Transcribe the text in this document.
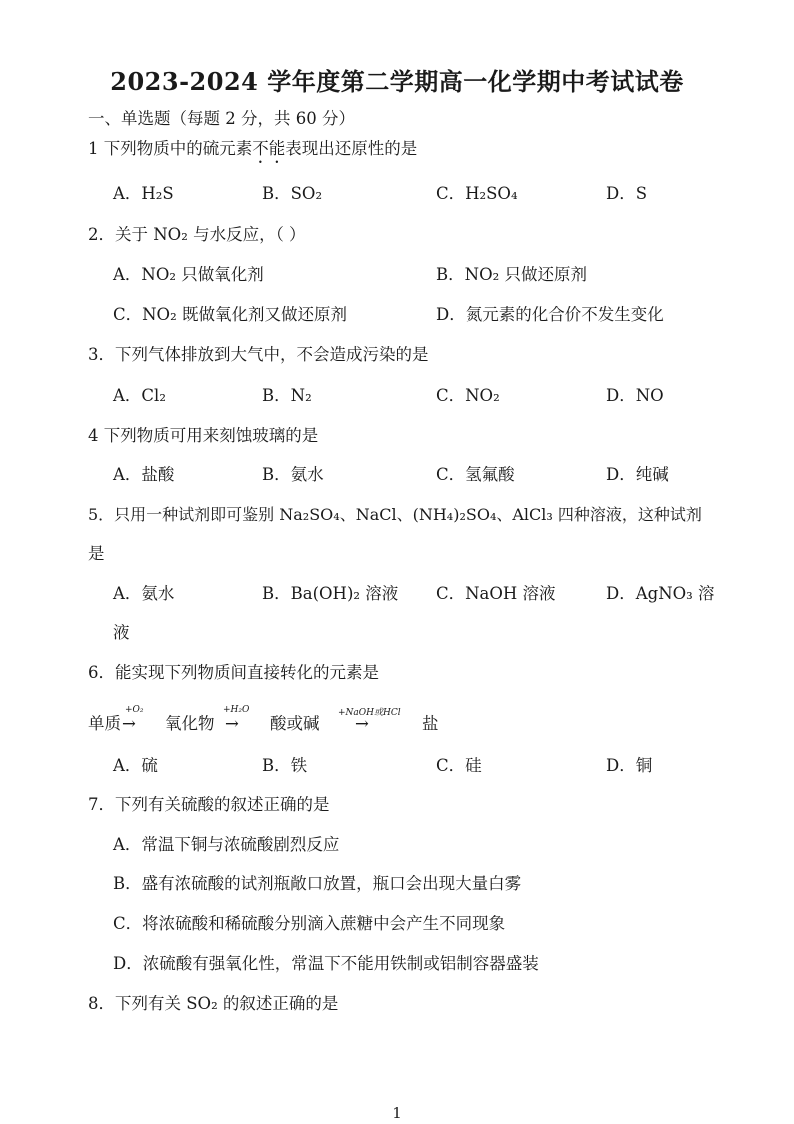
2023-2024 学年度第二学期高一化学期中考试试卷
一、单选题（每题 2 分，共 60 分）
1 下列物质中的硫元素不能表现出还原性的是
A．H₂S	B．SO₂	C．H₂SO₄	D．S
2．关于 NO₂ 与水反应，（ ）
A．NO₂ 只做氧化剂	B．NO₂ 只做还原剂
C．NO₂ 既做氧化剂又做还原剂	D．氮元素的化合价不发生变化
3．下列气体排放到大气中，不会造成污染的是
A．Cl₂	B．N₂	C．NO₂	D．NO
4 下列物质可用来刻蚀玻璃的是
A．盐酸	B．氨水	C．氢氟酸	D．纯碱
5．只用一种试剂即可鉴别 Na₂SO₄、NaCl、(NH₄)₂SO₄、AlCl₃ 四种溶液，这种试剂
是
A．氨水	B．Ba(OH)₂ 溶液 C．NaOH 溶液	D．AgNO₃ 溶
液
6．能实现下列物质间直接转化的元素是
单质
+O₂
→ 氧化物
+H₂O
→ 酸或碱
+NaOH或HCl
→	盐
A．硫	B．铁	C．硅	D．铜
7．下列有关硫酸的叙述正确的是
A．常温下铜与浓硫酸剧烈反应
B．盛有浓硫酸的试剂瓶敞口放置，瓶口会出现大量白雾
C．将浓硫酸和稀硫酸分别滴入蔗糖中会产生不同现象
D．浓硫酸有强氧化性，常温下不能用铁制或铝制容器盛装
8．下列有关 SO₂ 的叙述正确的是
1
